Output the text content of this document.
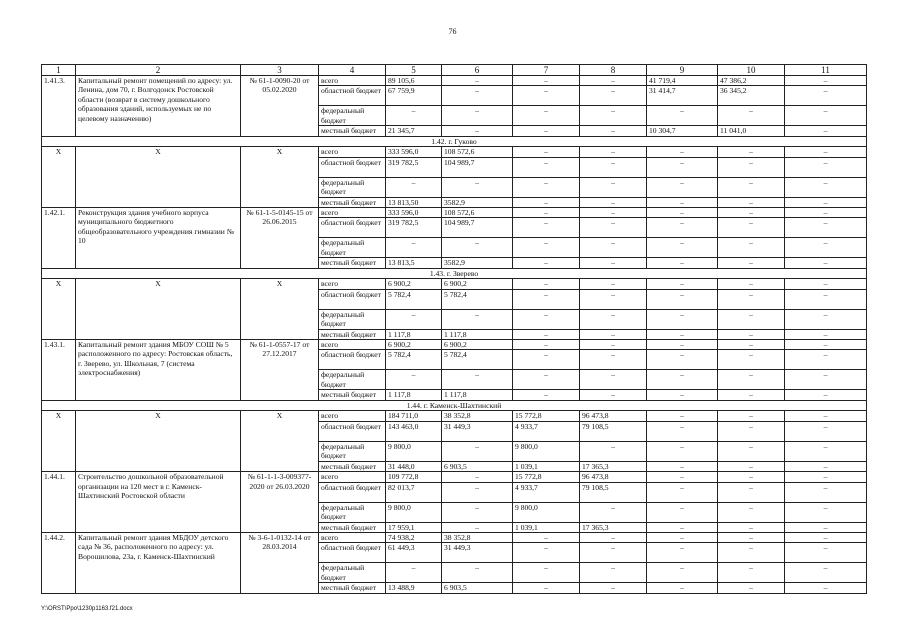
76
1	2	3	4	5	6	7	8	9	10	11
1.41.3.	Капитальный ремонт помещений по адресу: ул. Ленина, дом 70, г. Волгодонск Ростовской области (возврат в систему дошкольного образования зданий, используемых не по целевому назначению)	№ 61-1-0090-20 от 05.02.2020	всего	89 105,6	–	–	–	41 719,4	47 386,2	–
			областной бюджет	67 759,9	–	–	–	31 414,7	36 345,2	–
			федеральный бюджет	–	–	–	–	–	–	–
			местный бюджет	21 345,7	–	–	–	10 304,7	11 041,0	–
1.42. г. Гуково										
X	X	X	всего	333 596,0	108 572,6	–	–	–	–	–
			областной бюджет	319 782,5	104 989,7	–	–	–	–	–
			федеральный бюджет	–	–	–	–	–	–	–
			местный бюджет	13 813,50	3582,9	–	–	–	–	–
1.42.1.	Реконструкция здания учебного корпуса муниципального бюджетного общеобразовательного учреждения гимназии № 10	№ 61-1-5-0145-15 от 26.06.2015	всего	333 596,0	108 572,6	–	–	–	–	–
			областной бюджет	319 782,5	104 989,7	–	–	–	–	–
			федеральный бюджет	–	–	–	–	–	–	–
			местный бюджет	13 813,5	3582,9	–	–	–	–	–
1.43. г. Зверево										
X	X	X	всего	6 900,2	6 900,2	–	–	–	–	–
			областной бюджет	5 782,4	5 782,4	–	–	–	–	–
			федеральный бюджет	–	–	–	–	–	–	–
			местный бюджет	1 117,8	1 117,8	–	–	–	–	–
1.43.1.	Капитальный ремонт здания МБОУ СОШ № 5 расположенного по адресу: Ростовская область, г. Зверево, ул. Школьная, 7 (система электроснабжения)	№ 61-1-0557-17 от 27.12.2017	всего	6 900,2	6 900,2	–	–	–	–	–
			областной бюджет	5 782,4	5 782,4	–	–	–	–	–
			федеральный бюджет	–	–	–	–	–	–	–
			местный бюджет	1 117,8	1 117,8	–	–	–	–	–
1.44. г. Каменск-Шахтинский										
X	X	X	всего	184 711,0	38 352,8	15 772,8	96 473,8	–	–	–
			областной бюджет	143 463,0	31 449,3	4 933,7	79 108,5	–	–	–
			федеральный бюджет	9 800,0	–	9 800,0	–	–	–	–
			местный бюджет	31 448,0	6 903,5	1 039,1	17 365,3	–	–	–
1.44.1.	Строительство дошкольной образовательной организации на 120 мест в г. Каменск-Шахтинский Ростовской области	№ 61-1-1-3-009377-2020 от 26.03.2020	всего	109 772,8	–	15 772,8	96 473,8	–	–	–
			областной бюджет	82 013,7	–	4 933,7	79 108,5	–	–	–
			федеральный бюджет	9 800,0	–	9 800,0	–	–	–	–
			местный бюджет	17 959,1	–	1 039,1	17 365,3	–	–	–
1.44.2.	Капитальный ремонт здания МБДОУ детского сада № 36, расположенного по адресу: ул. Ворошилова, 23а, г. Каменск-Шахтинский	№ 3-6-1-0132-14 от 28.03.2014	всего	74 938,2	38 352,8	–	–	–	–	–
			областной бюджет	61 449,3	31 449,3	–	–	–	–	–
			федеральный бюджет	–	–	–	–	–	–	–
			местный бюджет	13 488,9	6 903,5	–	–	–	–	–
Y:\ORST\Ppo\1230p1163.f21.docx
